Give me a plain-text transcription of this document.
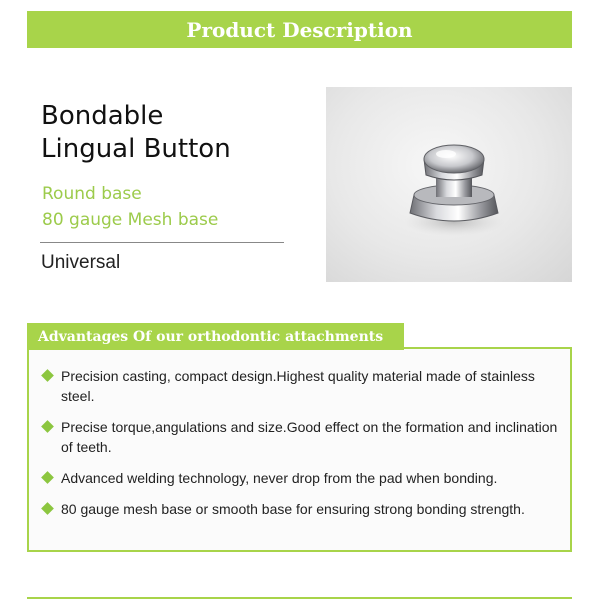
Product Description
Bondable
Lingual Button
Round base
80 gauge Mesh base
Universal
Advantages Of our orthodontic attachments
Precision casting, compact design.Highest quality material made of stainless steel.
Precise torque,angulations and size.Good effect on the formation and inclination of teeth.
Advanced welding technology, never drop from the pad when bonding.
80 gauge mesh base or smooth base for ensuring strong bonding strength.
